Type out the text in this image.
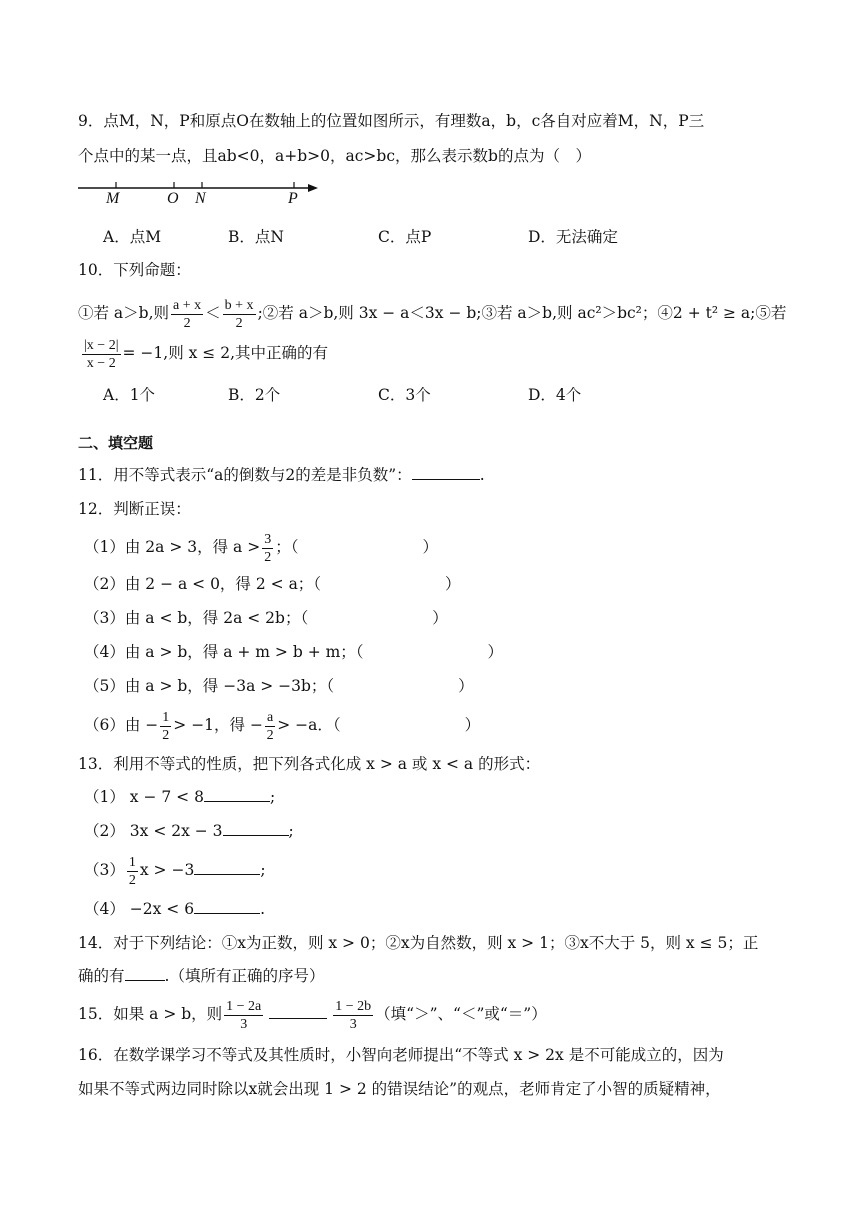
9．点M，N，P和原点O在数轴上的位置如图所示，有理数a，b，c各自对应着M，N，P三
个点中的某一点，且ab<0，a+b>0，ac>bc，那么表示数b的点为（　）
M	O N	P
A．点M	B．点N	C．点P	D．无法确定
10．下列命题：
①若 a＞b,则 $\frac{a + x}{2} < \frac{b + x}{2}$ ;②若 a＞b,则 3x − a＜3x − b;③若 a＞b,则 ac²＞bc²；④2 + t² ≥ a;⑤若
$\frac{|x - 2|}{x - 2} = -1$,则 x ≤ 2,其中正确的有
A．1个	B．2个	C．3个	D．4个
二、填空题
11．用不等式表示“a的倒数与2的差是非负数”：	.
12．判断正误：
（1）由 2a > 3，得 $a > \frac{3}{2}$ ；（　　　　　　　　）
（2）由 2 − a < 0，得 2 < a；（　　　　　　　　）
（3）由 a < b，得 2a < 2b；（　　　　　　　　）
（4）由 a > b，得 a + m > b + m；（　　　　　　　　）
（5）由 a > b，得 −3a > −3b；（　　　　　　　　）
（6）由 − $\frac{1}{2} > -1$，得 − $\frac{a}{2} > -a$．（　　　　　　　　）
13．利用不等式的性质，把下列各式化成 x > a 或 x < a 的形式：
（1） x − 7 < 8	;
（2） 3x < 2x − 3	;
$(3) \frac{1}{2}$ x > −3	;
（4） −2x < 6	.
14．对于下列结论：①x为正数，则 x > 0；②x为自然数，则 x > 1；③x不大于 5，则 x ≤ 5；正
确的有	.（填所有正确的序号）
15．如果 a > b，则 $\frac{1 - 2a}{3}$	$\frac{1 - 2b}{3}$ （填“＞”、“＜”或“＝”）
16．在数学课学习不等式及其性质时，小智向老师提出“不等式 x > 2x 是不可能成立的，因为
如果不等式两边同时除以x就会出现 1 > 2 的错误结论”的观点，老师肯定了小智的质疑精神，
